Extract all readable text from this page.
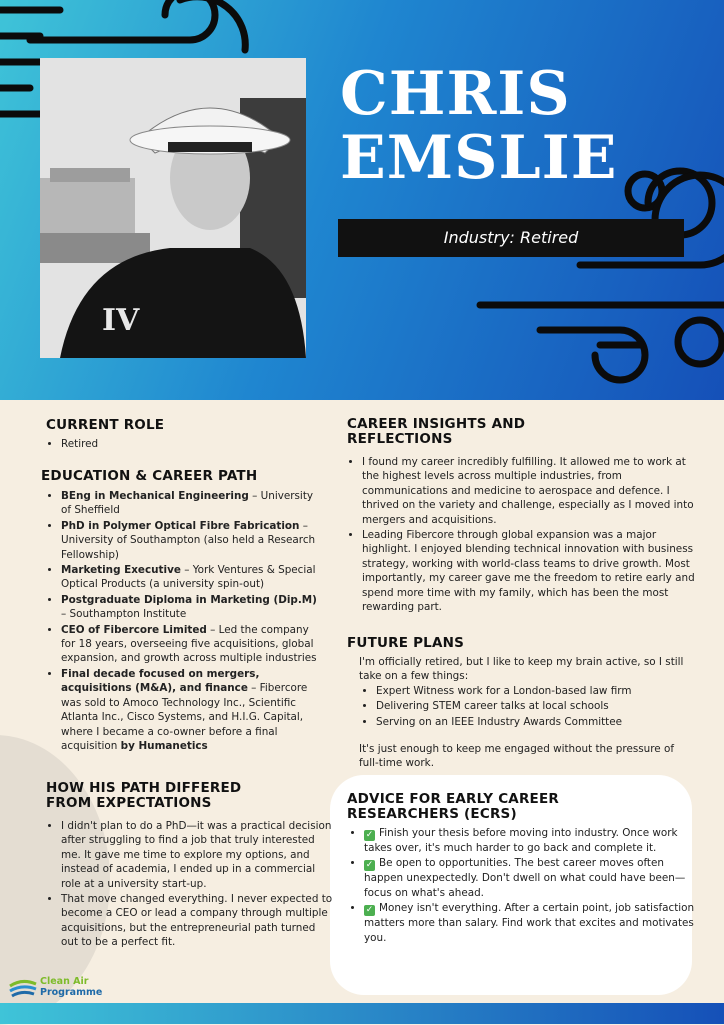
IV
CHRIS
EMSLIE
Industry: Retired
CURRENT ROLE
• Retired
EDUCATION & CAREER PATH
• BEng in Mechanical Engineering – University of Sheffield
• PhD in Polymer Optical Fibre Fabrication – University of Southampton (also held a Research Fellowship)
• Marketing Executive – York Ventures & Special Optical Products (a university spin-out)
• Postgraduate Diploma in Marketing (Dip.M) – Southampton Institute
• CEO of Fibercore Limited – Led the company for 18 years, overseeing five acquisitions, global expansion, and growth across multiple industries
• Final decade focused on mergers, acquisitions (M&A), and finance – Fibercore was sold to Amoco Technology Inc., Scientific Atlanta Inc., Cisco Systems, and H.I.G. Capital, where I became a co-owner before a final acquisition by Humanetics
HOW HIS PATH DIFFERED
FROM EXPECTATIONS
• I didn't plan to do a PhD—it was a practical decision after struggling to find a job that truly interested me. It gave me time to explore my options, and instead of academia, I ended up in a commercial role at a university start-up.
• That move changed everything. I never expected to become a CEO or lead a company through multiple acquisitions, but the entrepreneurial path turned out to be a perfect fit.
CAREER INSIGHTS AND
REFLECTIONS
• I found my career incredibly fulfilling. It allowed me to work at the highest levels across multiple industries, from communications and medicine to aerospace and defence. I thrived on the variety and challenge, especially as I moved into mergers and acquisitions.
• Leading Fibercore through global expansion was a major highlight. I enjoyed blending technical innovation with business strategy, working with world-class teams to drive growth. Most importantly, my career gave me the freedom to retire early and spend more time with my family, which has been the most rewarding part.
FUTURE PLANS

I'm officially retired, but I like to keep my brain active, so I still take on a few things:

• Expert Witness work for a London-based law firm
• Delivering STEM career talks at local schools
• Serving on an IEEE Industry Awards Committee

It's just enough to keep me engaged without the pressure of full-time work.

ADVICE FOR EARLY CAREER
RESEARCHERS (ECRS)
• ✓ Finish your thesis before moving into industry. Once work takes over, it's much harder to go back and complete it.
• ✓ Be open to opportunities. The best career moves often happen unexpectedly. Don't dwell on what could have been—focus on what's ahead.
• ✓ Money isn't everything. After a certain point, job satisfaction matters more than salary. Find work that excites and motivates you.
Clean Air
Programme
